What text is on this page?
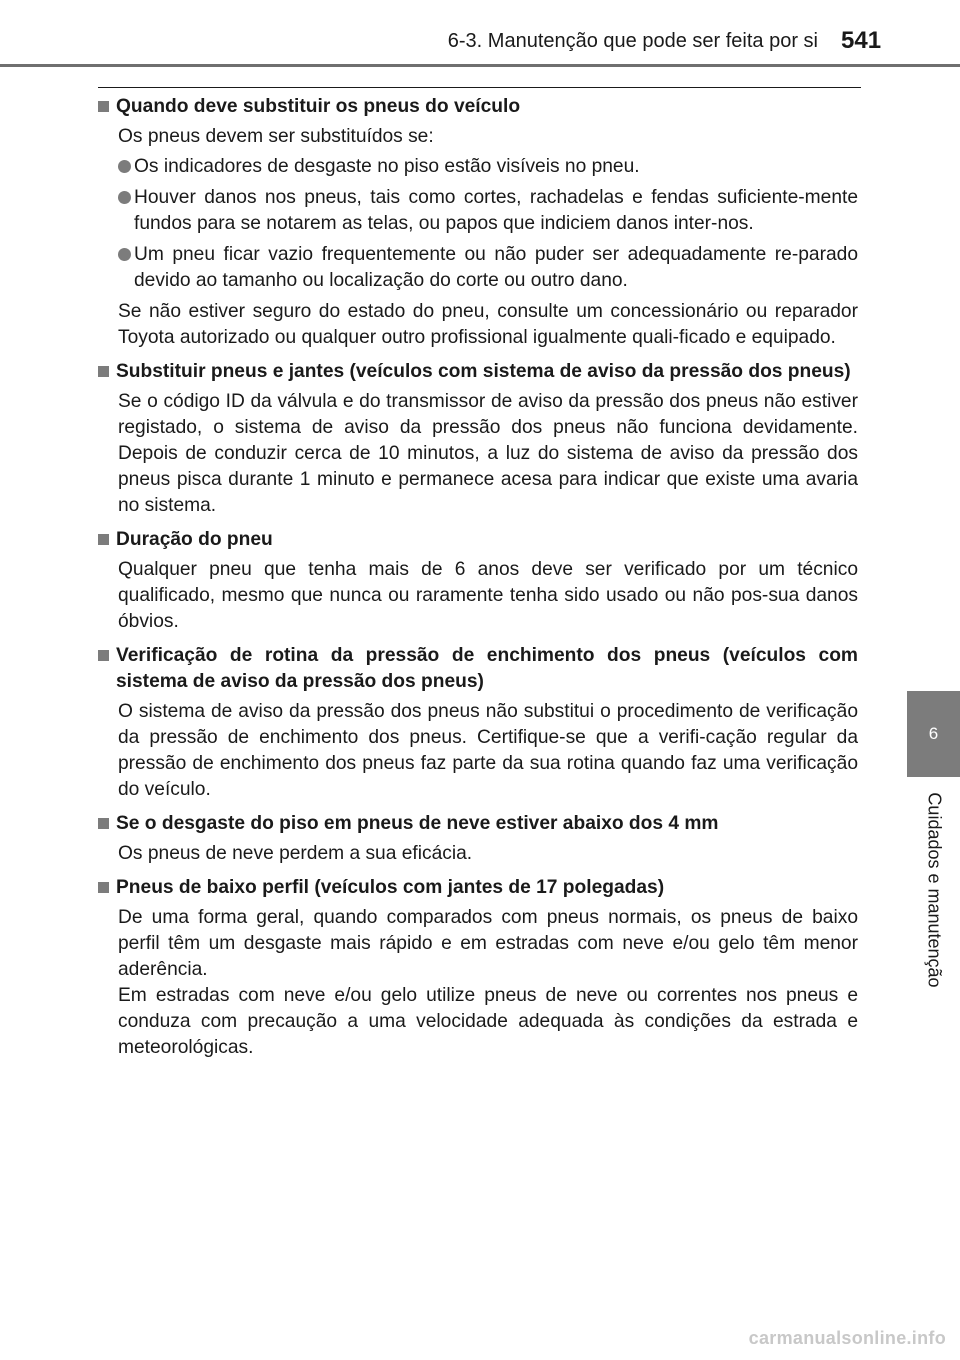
6-3. Manutenção que pode ser feita por si 541
6
Cuidados e manutenção
Quando deve substituir os pneus do veículo
Os pneus devem ser substituídos se:
Os indicadores de desgaste no piso estão visíveis no pneu.
Houver danos nos pneus, tais como cortes, rachadelas e fendas suficiente-mente fundos para se notarem as telas, ou papos que indiciem danos inter-nos.
Um pneu ficar vazio frequentemente ou não puder ser adequadamente re-parado devido ao tamanho ou localização do corte ou outro dano.
Se não estiver seguro do estado do pneu, consulte um concessionário ou reparador Toyota autorizado ou qualquer outro profissional igualmente quali-ficado e equipado.
Substituir pneus e jantes (veículos com sistema de aviso da pressão dos pneus)
Se o código ID da válvula e do transmissor de aviso da pressão dos pneus não estiver registado, o sistema de aviso da pressão dos pneus não funciona devidamente. Depois de conduzir cerca de 10 minutos, a luz do sistema de aviso da pressão dos pneus pisca durante 1 minuto e permanece acesa para indicar que existe uma avaria no sistema.
Duração do pneu
Qualquer pneu que tenha mais de 6 anos deve ser verificado por um técnico qualificado, mesmo que nunca ou raramente tenha sido usado ou não pos-sua danos óbvios.
Verificação de rotina da pressão de enchimento dos pneus (veículos com sistema de aviso da pressão dos pneus)
O sistema de aviso da pressão dos pneus não substitui o procedimento de verificação da pressão de enchimento dos pneus. Certifique-se que a verifi-cação regular da pressão de enchimento dos pneus faz parte da sua rotina quando faz uma verificação do veículo.
Se o desgaste do piso em pneus de neve estiver abaixo dos 4 mm
Os pneus de neve perdem a sua eficácia.
Pneus de baixo perfil (veículos com jantes de 17 polegadas)
De uma forma geral, quando comparados com pneus normais, os pneus de baixo perfil têm um desgaste mais rápido e em estradas com neve e/ou gelo têm menor aderência.
Em estradas com neve e/ou gelo utilize pneus de neve ou correntes nos pneus e conduza com precaução a uma velocidade adequada às condições da estrada e meteorológicas.
carmanualsonline.info
